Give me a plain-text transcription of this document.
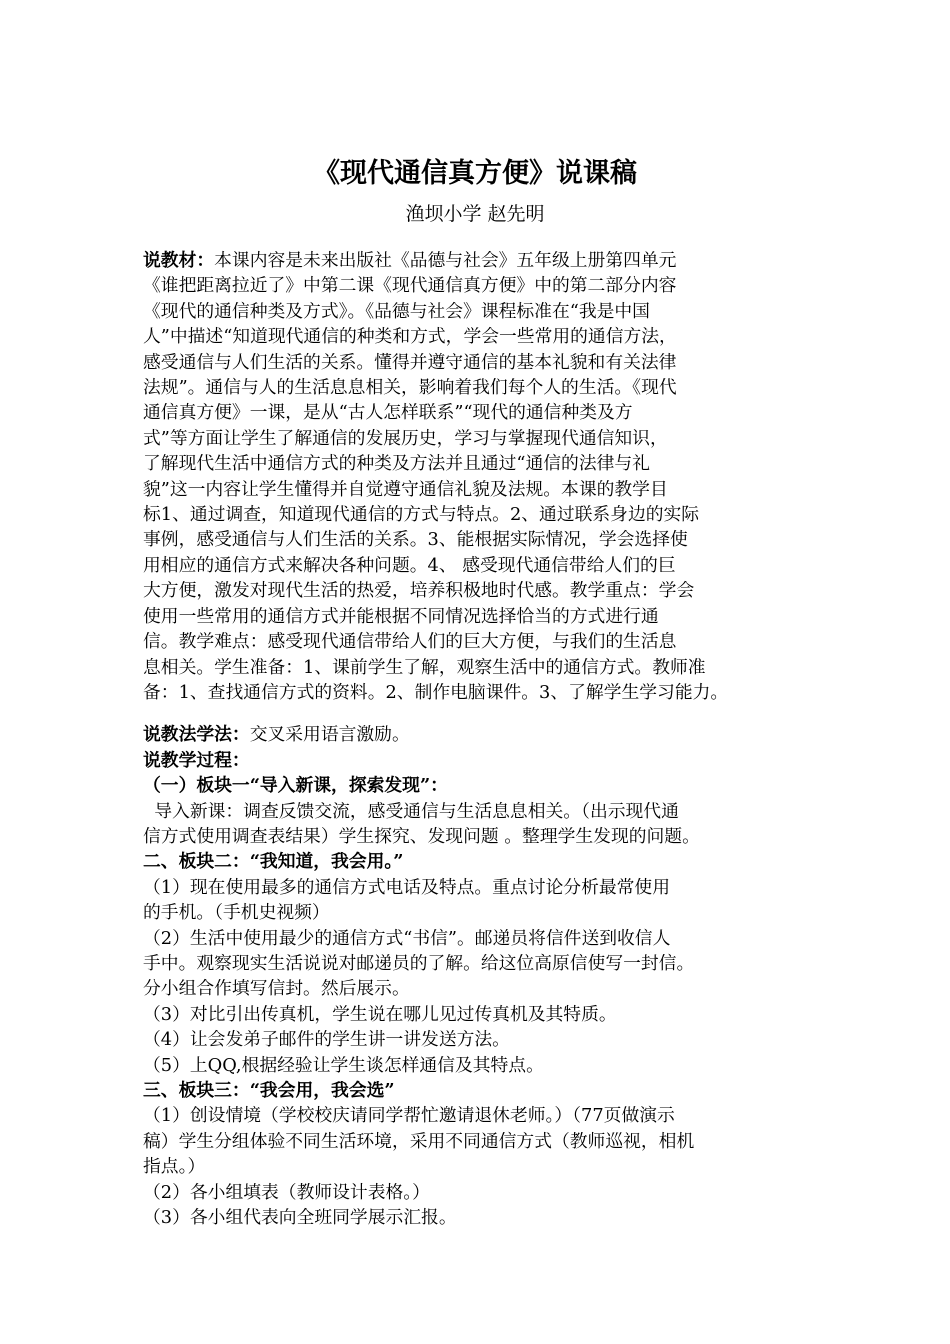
《现代通信真方便》说课稿
渔坝小学 赵先明

说教材：本课内容是未来出版社《品德与社会》五年级上册第四单元

《谁把距离拉近了》中第二课《现代通信真方便》中的第二部分内容

《现代的通信种类及方式》。《品德与社会》课程标准在“我是中国

人”中描述“知道现代通信的种类和方式，学会一些常用的通信方法，

感受通信与人们生活的关系。懂得并遵守通信的基本礼貌和有关法律

法规”。通信与人的生活息息相关，影响着我们每个人的生活。《现代

通信真方便》一课，是从“古人怎样联系”“现代的通信种类及方

式”等方面让学生了解通信的发展历史，学习与掌握现代通信知识，

了解现代生活中通信方式的种类及方法并且通过“通信的法律与礼

貌”这一内容让学生懂得并自觉遵守通信礼貌及法规。本课的教学目

标1、通过调查，知道现代通信的方式与特点。2、通过联系身边的实际

事例，感受通信与人们生活的关系。3、能根据实际情况，学会选择使

用相应的通信方式来解决各种问题。4、 感受现代通信带给人们的巨

大方便，激发对现代生活的热爱，培养积极地时代感。教学重点：学会

使用一些常用的通信方式并能根据不同情况选择恰当的方式进行通

信。教学难点：感受现代通信带给人们的巨大方便，与我们的生活息

息相关。学生准备：1、课前学生了解，观察生活中的通信方式。教师准

备：1、查找通信方式的资料。2、制作电脑课件。3、了解学生学习能力。

说教法学法：交叉采用语言激励。

说教学过程：

（一）板块一“导入新课，探索发现”：

导入新课：调查反馈交流，感受通信与生活息息相关。（出示现代通

信方式使用调查表结果）学生探究、发现问题 。整理学生发现的问题。

二、板块二：“我知道，我会用。”

（1）现在使用最多的通信方式电话及特点。重点讨论分析最常使用

的手机。（手机史视频）

（2）生活中使用最少的通信方式“书信”。邮递员将信件送到收信人

手中。观察现实生活说说对邮递员的了解。给这位高原信使写一封信。

分小组合作填写信封。然后展示。

（3）对比引出传真机，学生说在哪儿见过传真机及其特质。

（4）让会发弟子邮件的学生讲一讲发送方法。

（5）上QQ,根据经验让学生谈怎样通信及其特点。

三、板块三：“我会用，我会选”

（1）创设情境（学校校庆请同学帮忙邀请退休老师。）（77页做演示

稿）学生分组体验不同生活环境，采用不同通信方式（教师巡视，相机

指点。）

（2）各小组填表（教师设计表格。）

（3）各小组代表向全班同学展示汇报。
